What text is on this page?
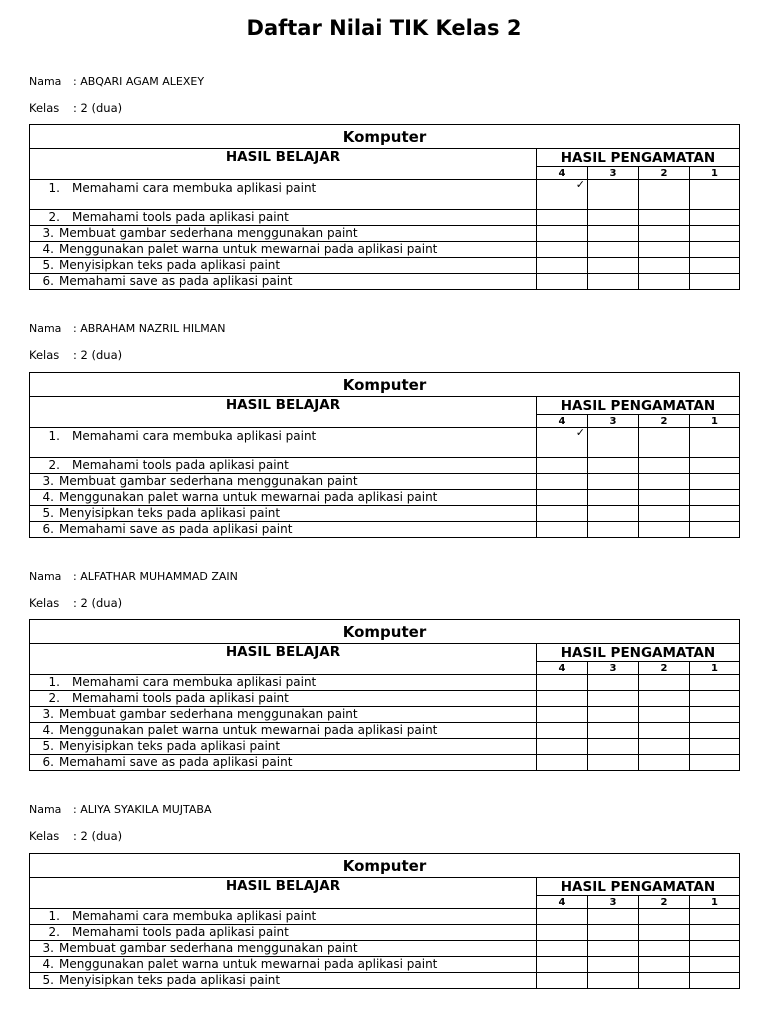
Daftar Nilai TIK Kelas 2
Nama : ABQARI AGAM ALEXEY
Kelas : 2 (dua)
Komputer				
HASIL BELAJAR	HASIL PENGAMATAN			
	4	3	2	1
1. Memahami cara membuka aplikasi paint	✓			

2. Memahami tools pada aplikasi paint				
3. Membuat gambar sederhana menggunakan paint				
4. Menggunakan palet warna untuk mewarnai pada aplikasi paint				
5. Menyisipkan teks pada aplikasi paint				
6. Memahami save as pada aplikasi paint				
Nama : ABRAHAM NAZRIL HILMAN
Kelas : 2 (dua)
Komputer				
HASIL BELAJAR	HASIL PENGAMATAN			
	4	3	2	1
1. Memahami cara membuka aplikasi paint	✓			

2. Memahami tools pada aplikasi paint				
3. Membuat gambar sederhana menggunakan paint				
4. Menggunakan palet warna untuk mewarnai pada aplikasi paint				
5. Menyisipkan teks pada aplikasi paint				
6. Memahami save as pada aplikasi paint				
Nama : ALFATHAR MUHAMMAD ZAIN
Kelas : 2 (dua)
Komputer				
HASIL BELAJAR	HASIL PENGAMATAN			
	4	3	2	1
1. Memahami cara membuka aplikasi paint				
2. Memahami tools pada aplikasi paint				
3. Membuat gambar sederhana menggunakan paint				
4. Menggunakan palet warna untuk mewarnai pada aplikasi paint				
5. Menyisipkan teks pada aplikasi paint				
6. Memahami save as pada aplikasi paint				
Nama : ALIYA SYAKILA MUJTABA
Kelas : 2 (dua)
Komputer				
HASIL BELAJAR	HASIL PENGAMATAN			
	4	3	2	1
1. Memahami cara membuka aplikasi paint				
2. Memahami tools pada aplikasi paint				
3. Membuat gambar sederhana menggunakan paint				
4. Menggunakan palet warna untuk mewarnai pada aplikasi paint				
5. Menyisipkan teks pada aplikasi paint				
